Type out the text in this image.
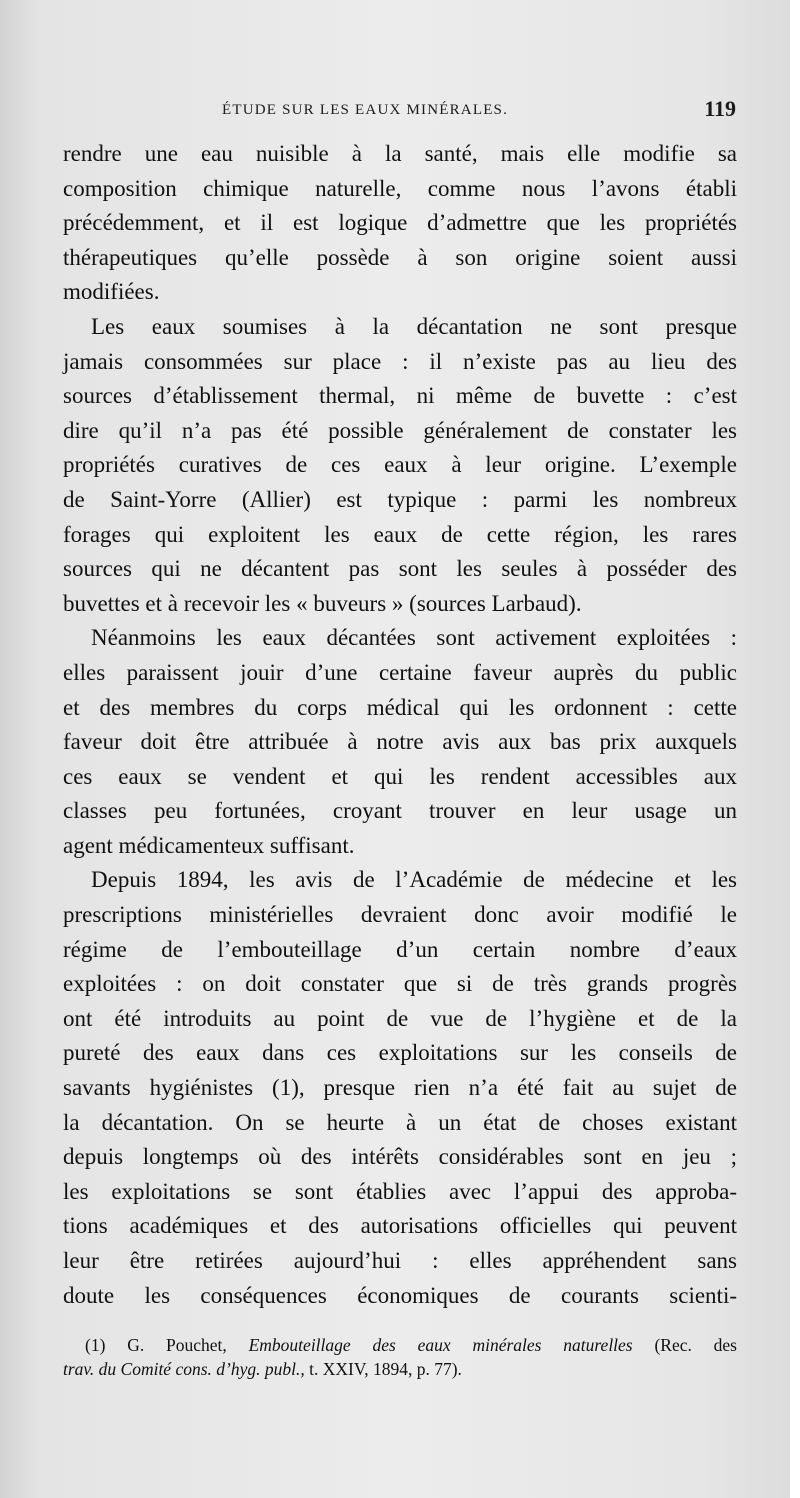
ÉTUDE SUR LES EAUX MINÉRALES.	119
rendre une eau nuisible à la santé, mais elle modifie sa
composition chimique naturelle, comme nous l’avons établi
précédemment, et il est logique d’admettre que les propriétés
thérapeutiques qu’elle possède à son origine soient aussi
modifiées.
Les eaux soumises à la décantation ne sont presque
jamais consommées sur place : il n’existe pas au lieu des
sources d’établissement thermal, ni même de buvette : c’est
dire qu’il n’a pas été possible généralement de constater les
propriétés curatives de ces eaux à leur origine. L’exemple
de Saint-Yorre (Allier) est typique : parmi les nombreux
forages qui exploitent les eaux de cette région, les rares
sources qui ne décantent pas sont les seules à posséder des
buvettes et à recevoir les « buveurs » (sources Larbaud).
Néanmoins les eaux décantées sont activement exploitées :
elles paraissent jouir d’une certaine faveur auprès du public
et des membres du corps médical qui les ordonnent : cette
faveur doit être attribuée à notre avis aux bas prix auxquels
ces eaux se vendent et qui les rendent accessibles aux
classes peu fortunées, croyant trouver en leur usage un
agent médicamenteux suffisant.
Depuis 1894, les avis de l’Académie de médecine et les
prescriptions ministérielles devraient donc avoir modifié le
régime de l’embouteillage d’un certain nombre d’eaux
exploitées : on doit constater que si de très grands progrès
ont été introduits au point de vue de l’hygiène et de la
pureté des eaux dans ces exploitations sur les conseils de
savants hygiénistes (1), presque rien n’a été fait au sujet de
la décantation. On se heurte à un état de choses existant
depuis longtemps où des intérêts considérables sont en jeu ;
les exploitations se sont établies avec l’appui des approba-
tions académiques et des autorisations officielles qui peuvent
leur être retirées aujourd’hui : elles appréhendent sans
doute les conséquences économiques de courants scienti-
(1) G. Pouchet, Embouteillage des eaux minérales naturelles (Rec. des
trav. du Comité cons. d’hyg. publ., t. XXIV, 1894, p. 77).
